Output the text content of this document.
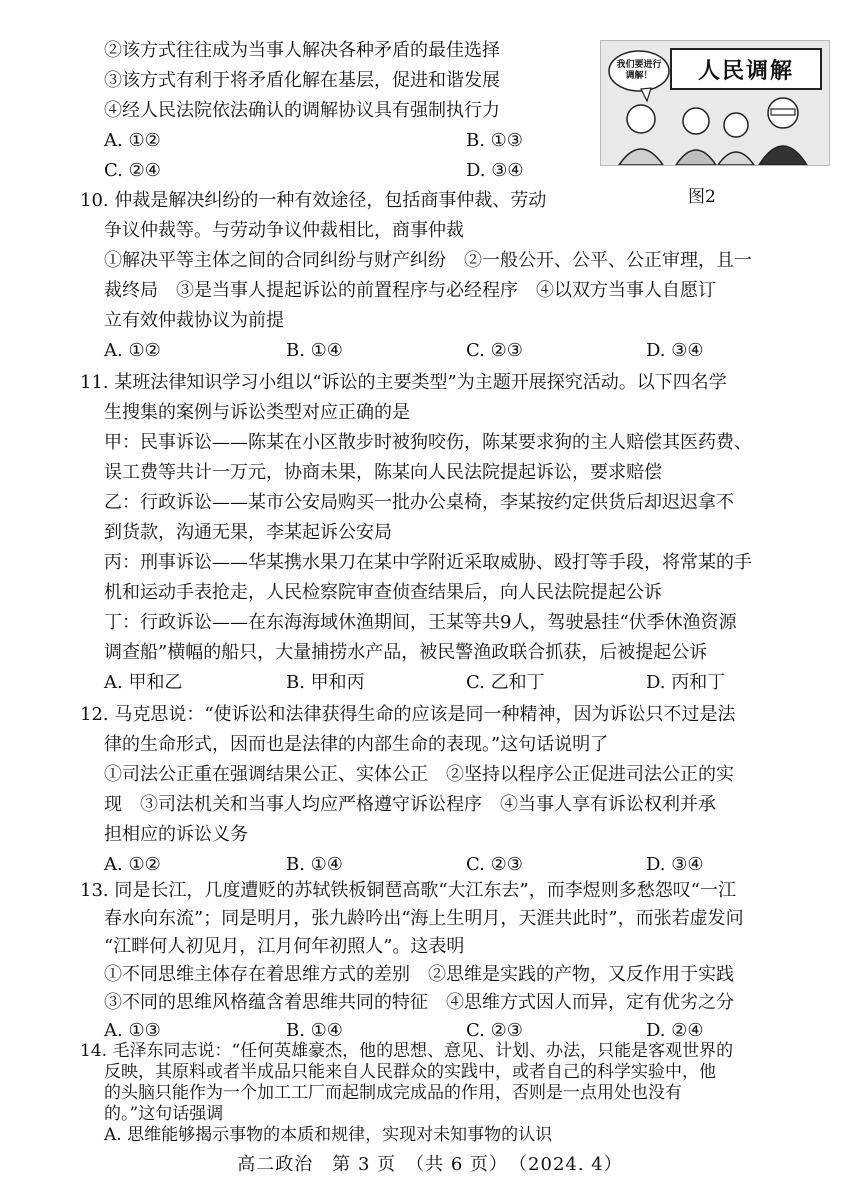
②该方式往往成为当事人解决各种矛盾的最佳选择
③该方式有利于将矛盾化解在基层，促进和谐发展
④经人民法院依法确认的调解协议具有强制执行力
A. ①②	B. ①③
C. ②④	D. ③④
人民调解
我们要进行调解！
图2
10. 仲裁是解决纠纷的一种有效途径，包括商事仲裁、劳动
争议仲裁等。与劳动争议仲裁相比，商事仲裁
①解决平等主体之间的合同纠纷与财产纠纷　②一般公开、公平、公正审理，且一
裁终局　③是当事人提起诉讼的前置程序与必经程序　④以双方当事人自愿订
立有效仲裁协议为前提
A. ①②	B. ①④	C. ②③	D. ③④
11. 某班法律知识学习小组以“诉讼的主要类型”为主题开展探究活动。以下四名学
生搜集的案例与诉讼类型对应正确的是
甲：民事诉讼——陈某在小区散步时被狗咬伤，陈某要求狗的主人赔偿其医药费、
误工费等共计一万元，协商未果，陈某向人民法院提起诉讼，要求赔偿
乙：行政诉讼——某市公安局购买一批办公桌椅，李某按约定供货后却迟迟拿不
到货款，沟通无果，李某起诉公安局
丙：刑事诉讼——华某携水果刀在某中学附近采取威胁、殴打等手段，将常某的手
机和运动手表抢走，人民检察院审查侦查结果后，向人民法院提起公诉
丁：行政诉讼——在东海海域休渔期间，王某等共9人，驾驶悬挂“伏季休渔资源
调查船”横幅的船只，大量捕捞水产品，被民警渔政联合抓获，后被提起公诉
A. 甲和乙	B. 甲和丙	C. 乙和丁	D. 丙和丁
12. 马克思说：“使诉讼和法律获得生命的应该是同一种精神，因为诉讼只不过是法
律的生命形式，因而也是法律的内部生命的表现。”这句话说明了
①司法公正重在强调结果公正、实体公正　②坚持以程序公正促进司法公正的实
现　③司法机关和当事人均应严格遵守诉讼程序　④当事人享有诉讼权利并承
担相应的诉讼义务
A. ①②	B. ①④	C. ②③	D. ③④
13. 同是长江，几度遭贬的苏轼铁板铜琶高歌“大江东去”，而李煜则多愁怨叹“一江
春水向东流”；同是明月，张九龄吟出“海上生明月，天涯共此时”，而张若虚发问
“江畔何人初见月，江月何年初照人”。这表明
①不同思维主体存在着思维方式的差别　②思维是实践的产物，又反作用于实践
③不同的思维风格蕴含着思维共同的特征　④思维方式因人而异，定有优劣之分
A. ①③	B. ①④	C. ②③	D. ②④
14. 毛泽东同志说：“任何英雄豪杰，他的思想、意见、计划、办法，只能是客观世界的
反映，其原料或者半成品只能来自人民群众的实践中，或者自己的科学实验中，他
高二政治　第 3 页　（共 6 页）　（2024. 4）
的头脑只能作为一个加工工厂而起制成完成品的作用，否则是一点用处也没有
的。”这句话强调
A. 思维能够揭示事物的本质和规律，实现对未知事物的认识
